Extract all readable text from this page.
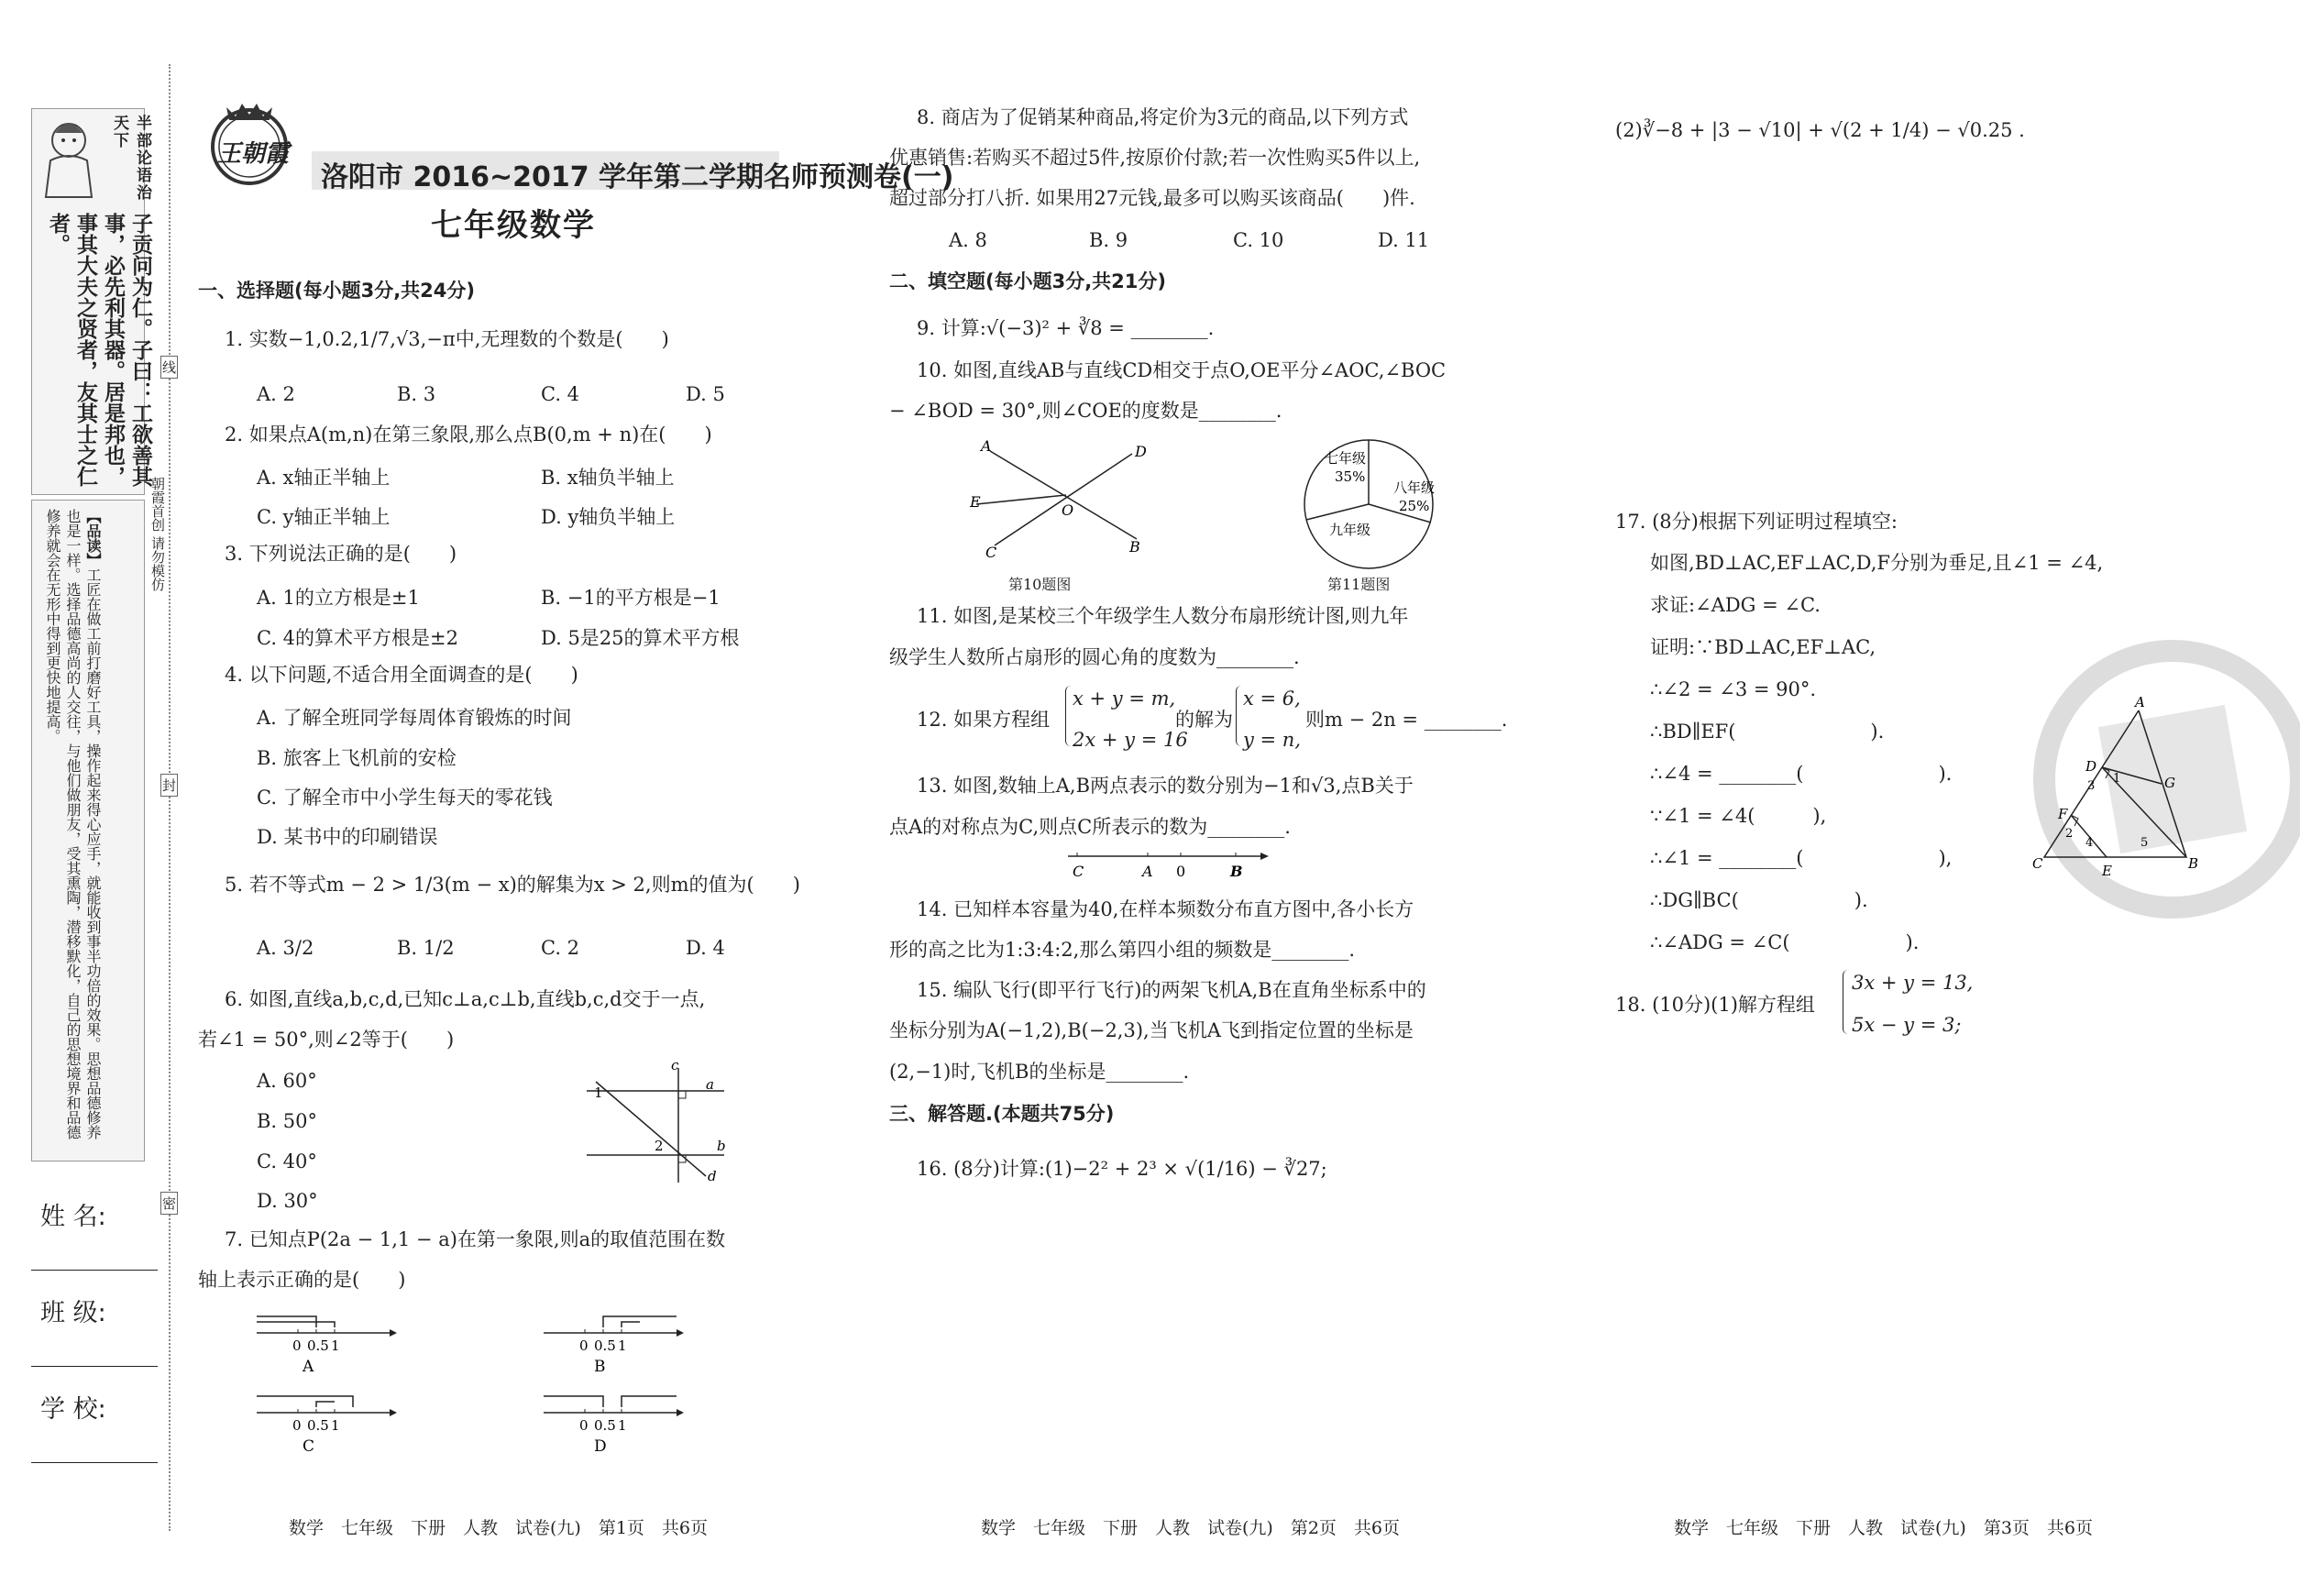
半部论语治天下
子贡问为仁。子曰：工欲善其事，必先利其器。居是邦也，事其大夫之贤者，友其士之仁者。
【品读】工匠在做工前打磨好工具，操作起来得心应手，就能收到事半功倍的效果。思想品德修养也是一样。选择品德高尚的人交往，与他们做朋友，受其熏陶，潜移默化，自己的思想境界和品德修养就会在无形中得到更快地提高。	朝霞首创 请勿模仿
线
封
密
姓 名:
班 级:
学 校:
王朝霞
洛阳市 2016~2017 学年第二学期名师预测卷(一)
七年级数学
一、选择题(每小题3分,共24分)
1. 实数−1,0.2,1/7,√3,−π中,无理数的个数是(　　)
A. 2	B. 3	C. 4	D. 5
2. 如果点A(m,n)在第三象限,那么点B(0,m + n)在(　　)
A. x轴正半轴上	B. x轴负半轴上
C. y轴正半轴上	D. y轴负半轴上
3. 下列说法正确的是(　　)
A. 1的立方根是±1	B. −1的平方根是−1
C. 4的算术平方根是±2	D. 5是25的算术平方根
4. 以下问题,不适合用全面调查的是(　　)
A. 了解全班同学每周体育锻炼的时间
B. 旅客上飞机前的安检
C. 了解全市中小学生每天的零花钱
D. 某书中的印刷错误
5. 若不等式m − 2 > 1/3(m − x)的解集为x > 2,则m的值为(　　)
A. 3/2	B. 1/2	C. 2	D. 4
6. 如图,直线a,b,c,d,已知c⊥a,c⊥b,直线b,c,d交于一点,
若∠1 = 50°,则∠2等于(　　)
A. 60°
B. 50°
C. 40°
D. 30°
c
a
b
d
1
2
7. 已知点P(2a − 1,1 − a)在第一象限,则a的取值范围在数
轴上表示正确的是(　　)
0 0.5 1
A
0 0.5 1
B
0 0.5 1
C
0 0.5 1
D
8. 商店为了促销某种商品,将定价为3元的商品,以下列方式
优惠销售:若购买不超过5件,按原价付款;若一次性购买5件以上,
超过部分打八折. 如果用27元钱,最多可以购买该商品(　　)件.
A. 8	B. 9	C. 10	D. 11
二、填空题(每小题3分,共21分)
9. 计算:√(−3)² + ∛8 = ________.
10. 如图,直线AB与直线CD相交于点O,OE平分∠AOC,∠BOC
− ∠BOD = 30°,则∠COE的度数是________.
A	D
E	O
C	B
第10题图
七年级
35%
八年级
25%
九年级
第11题图
11. 如图,是某校三个年级学生人数分布扇形统计图,则九年
级学生人数所占扇形的圆心角的度数为________.
12. 如果方程组
x + y = m,
2x + y = 16
的解为
x = 6,
y = n,
则m − 2n = ________.
13. 如图,数轴上A,B两点表示的数分别为−1和√3,点B关于
点A的对称点为C,则点C所表示的数为________.
C	A 0	B
14. 已知样本容量为40,在样本频数分布直方图中,各小长方
形的高之比为1:3:4:2,那么第四小组的频数是________.
15. 编队飞行(即平行飞行)的两架飞机A,B在直角坐标系中的
坐标分别为A(−1,2),B(−2,3),当飞机A飞到指定位置的坐标是
(2,−1)时,飞机B的坐标是________.
三、解答题.(本题共75分)
16. (8分)计算:(1)−2² + 2³ × √(1/16) − ∛27;
(2)∛−8 + |3 − √10| + √(2 + 1/4) − √0.25 .
17. (8分)根据下列证明过程填空:
如图,BD⊥AC,EF⊥AC,D,F分别为垂足,且∠1 = ∠4,
求证:∠ADG = ∠C.
证明:∵BD⊥AC,EF⊥AC,
∴∠2 = ∠3 = 90°.
∴BD∥EF(　　　　　　　).
∴∠4 = ________(　　　　　　　).
∵∠1 = ∠4(　　　),
∴∠1 = ________(　　　　　　　),
∴DG∥BC(　　　　　　).
∴∠ADG = ∠C(　　　　　　).
A
D
G
F
1
3
2
4	5
C	E	B
18. (10分)(1)解方程组
3x + y = 13,
5x − y = 3;
数学　七年级　下册　人教　试卷(九)　第1页　共6页	数学　七年级　下册　人教　试卷(九)　第2页　共6页	数学　七年级　下册　人教　试卷(九)　第3页　共6页
